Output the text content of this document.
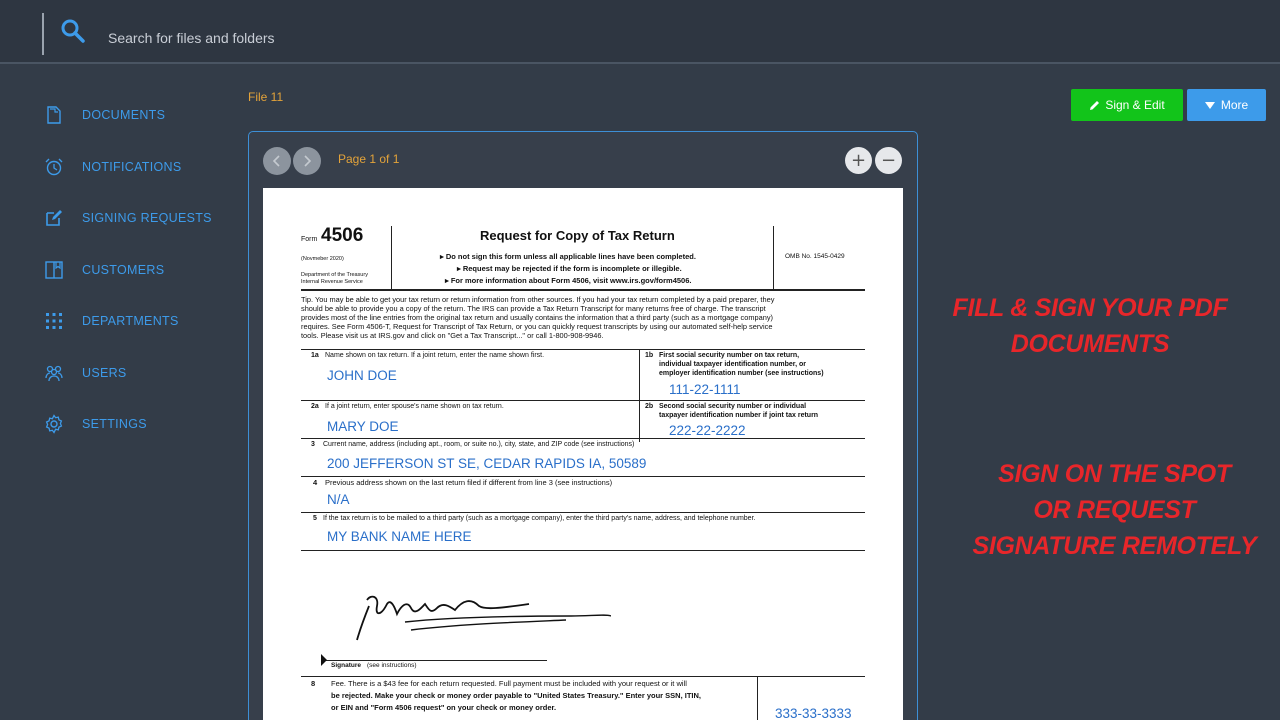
Search for files and folders
DOCUMENTS
NOTIFICATIONS
SIGNING REQUESTS
CUSTOMERS
DEPARTMENTS
USERS
SETTINGS
File 11
Page 1 of 1	+ −
Form 4506
(Novmeber 2020)
Department of the Treasury
Internal Revenue Service
Request for Copy of Tax Return
▸ Do not sign this form unless all applicable lines have been completed.
▸ Request may be rejected if the form is incomplete or illegible.
▸ For more information about Form 4506, visit www.irs.gov/form4506.
OMB No. 1545-0429
Tip. You may be able to get your tax return or return information from other sources. If you had your tax return completed by a paid preparer, they
should be able to provide you a copy of the return. The IRS can provide a Tax Return Transcript for many returns free of charge. The transcript
provides most of the line entries from the original tax return and usually contains the information that a third party (such as a mortgage company)
requires. See Form 4506-T, Request for Transcript of Tax Return, or you can quickly request transcripts by using our automated self-help service
tools. Please visit us at IRS.gov and click on "Get a Tax Transcript..." or call 1-800-908-9946.
1a Name shown on tax return. If a joint return, enter the name shown first.
JOHN DOE
1b First social security number on tax return,
individual taxpayer identification number, or
employer identification number (see instructions)
111-22-1111
2a If a joint return, enter spouse's name shown on tax return.
MARY DOE
2b Second social security number or individual
taxpayer identification number if joint tax return
222-22-2222
3 Current name, address (including apt., room, or suite no.), city, state, and ZIP code (see instructions)
200 JEFFERSON ST SE, CEDAR RAPIDS IA, 50589
4 Previous address shown on the last return filed if different from line 3 (see instructions)
N/A
5 If the tax return is to be mailed to a third party (such as a mortgage company), enter the third party's name, address, and telephone number.
MY BANK NAME HERE
Signature (see instructions)
8 Fee. There is a $43 fee for each return requested. Full payment must be included with your request or it will
be rejected. Make your check or money order payable to "United States Treasury." Enter your SSN, ITIN,
or EIN and "Form 4506 request" on your check or money order.	333-33-3333
Sign & Edit	More
FILL & SIGN YOUR PDF
DOCUMENTS
SIGN ON THE SPOT
OR REQUEST
SIGNATURE REMOTELY
